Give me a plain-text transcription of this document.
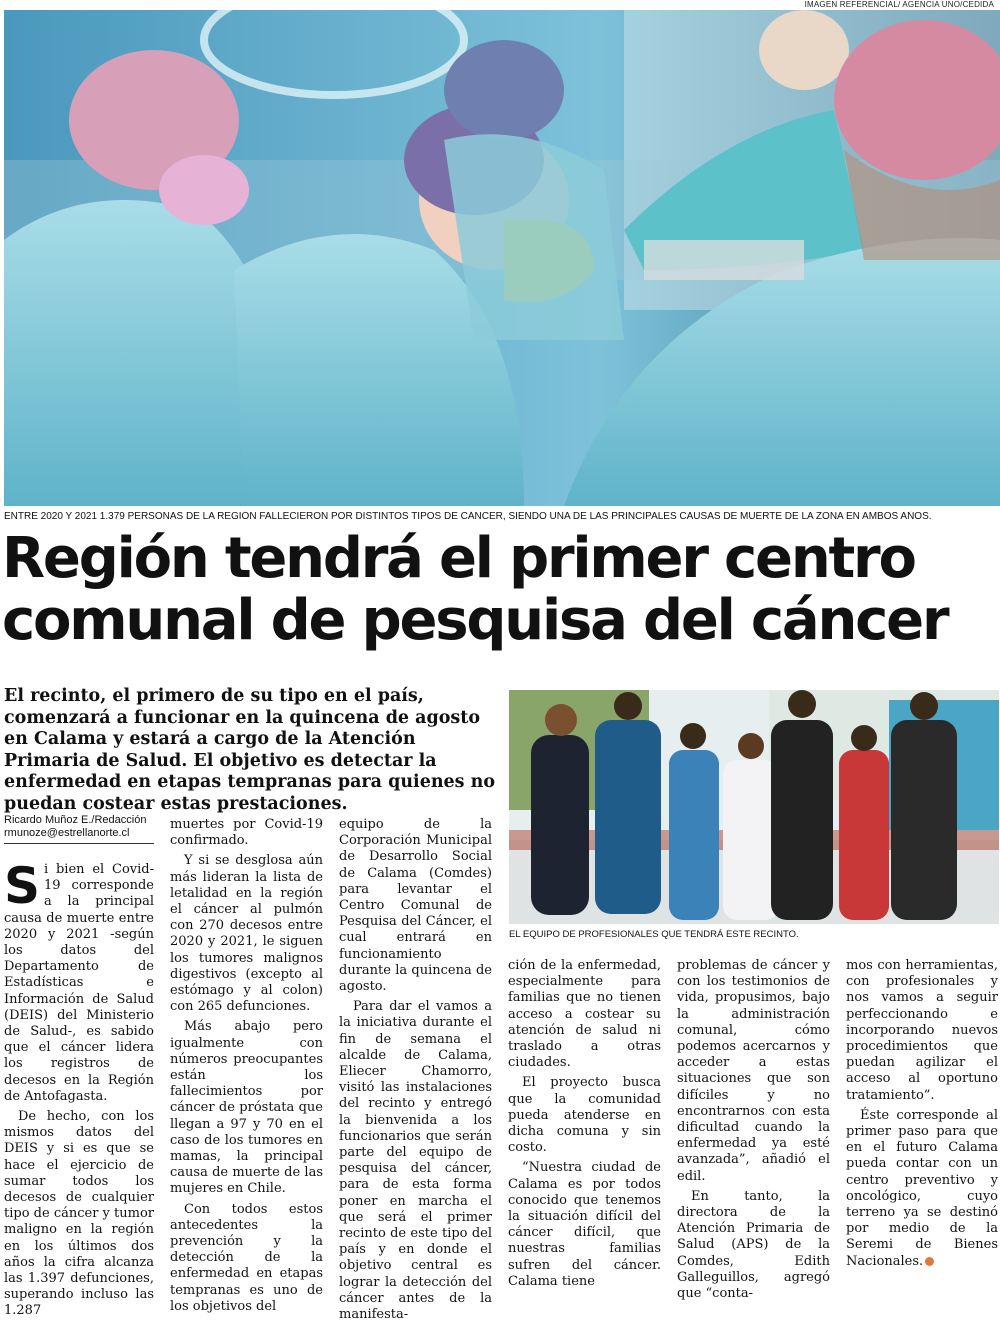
IMAGEN REFERENCIAL/ AGENCIA UNO/CEDIDA
ENTRE 2020 Y 2021 1.379 PERSONAS DE LA REGIÓN FALLECIERON POR DISTINTOS TIPOS DE CÁNCER, SIENDO UNA DE LAS PRINCIPALES CAUSAS DE MUERTE DE LA ZONA EN AMBOS AÑOS.
Región tendrá el primer centro
comunal de pesquisa del cáncer

El recinto, el primero de su tipo en el país, comenzará a funcionar en la quincena de agosto en Calama y estará a cargo de la Atención Primaria de Salud. El objetivo es detectar la enfermedad en etapas tempranas para quienes no puedan costear estas prestaciones.

EL EQUIPO DE PROFESIONALES QUE TENDRÁ ESTE RECINTO.
Ricardo Muñoz E./Redacción
rmunoze@estrellanorte.cl
S i bien el Covid-19 corresponde a la principal causa de muerte entre 2020 y 2021 -según los datos del Departamento de Estadísticas e Información de Salud (DEIS) del Ministerio de Salud-, es sabido que el cáncer lidera los registros de decesos en la Región de Antofagasta.

De hecho, con los mismos datos del DEIS y si es que se hace el ejercicio de sumar todos los decesos de cualquier tipo de cáncer y tumor maligno en la región en los últimos dos años la cifra alcanza las 1.397 defunciones, superando incluso las 1.287

muertes por Covid-19 confirmado.

Y si se desglosa aún más lideran la lista de letalidad en la región el cáncer al pulmón con 270 decesos entre 2020 y 2021, le siguen los tumores malignos digestivos (excepto al estómago y al colon) con 265 defunciones.

Más abajo pero igualmente con números preocupantes están los fallecimientos por cáncer de próstata que llegan a 97 y 70 en el caso de los tumores en mamas, la principal causa de muerte de las mujeres en Chile.

Con todos estos antecedentes la prevención y la detección de la enfermedad en etapas tempranas es uno de los objetivos del

equipo de la Corporación Municipal de Desarrollo Social de Calama (Comdes) para levantar el Centro Comunal de Pesquisa del Cáncer, el cual entrará en funcionamiento durante la quincena de agosto.

Para dar el vamos a la iniciativa durante el fin de semana el alcalde de Calama, Eliecer Chamorro, visitó las instalaciones del recinto y entregó la bienvenida a los funcionarios que serán parte del equipo de pesquisa del cáncer, para de esta forma poner en marcha el que será el primer recinto de este tipo del país y en donde el objetivo central es lograr la detección del cáncer antes de la manifesta-

ción de la enfermedad, especialmente para familias que no tienen acceso a costear su atención de salud ni traslado a otras ciudades.

El proyecto busca que la comunidad pueda atenderse en dicha comuna y sin costo.

“Nuestra ciudad de Calama es por todos conocido que tenemos la situación difícil del cáncer difícil, que nuestras familias sufren del cáncer. Calama tiene

problemas de cáncer y con los testimonios de vida, propusimos, bajo la administración comunal, cómo podemos acercarnos y acceder a estas situaciones que son difíciles y no encontrarnos con esta dificultad cuando la enfermedad ya esté avanzada”, añadió el edil.

En tanto, la directora de la Atención Primaria de Salud (APS) de la Comdes, Edith Galleguillos, agregó que “conta-

mos con herramientas, con profesionales y nos vamos a seguir perfeccionando e incorporando nuevos procedimientos que puedan agilizar el acceso al oportuno tratamiento”.

Éste corresponde al primer paso para que en el futuro Calama pueda contar con un centro preventivo y oncológico, cuyo terreno ya se destinó por medio de la Seremi de Bienes Nacionales.
